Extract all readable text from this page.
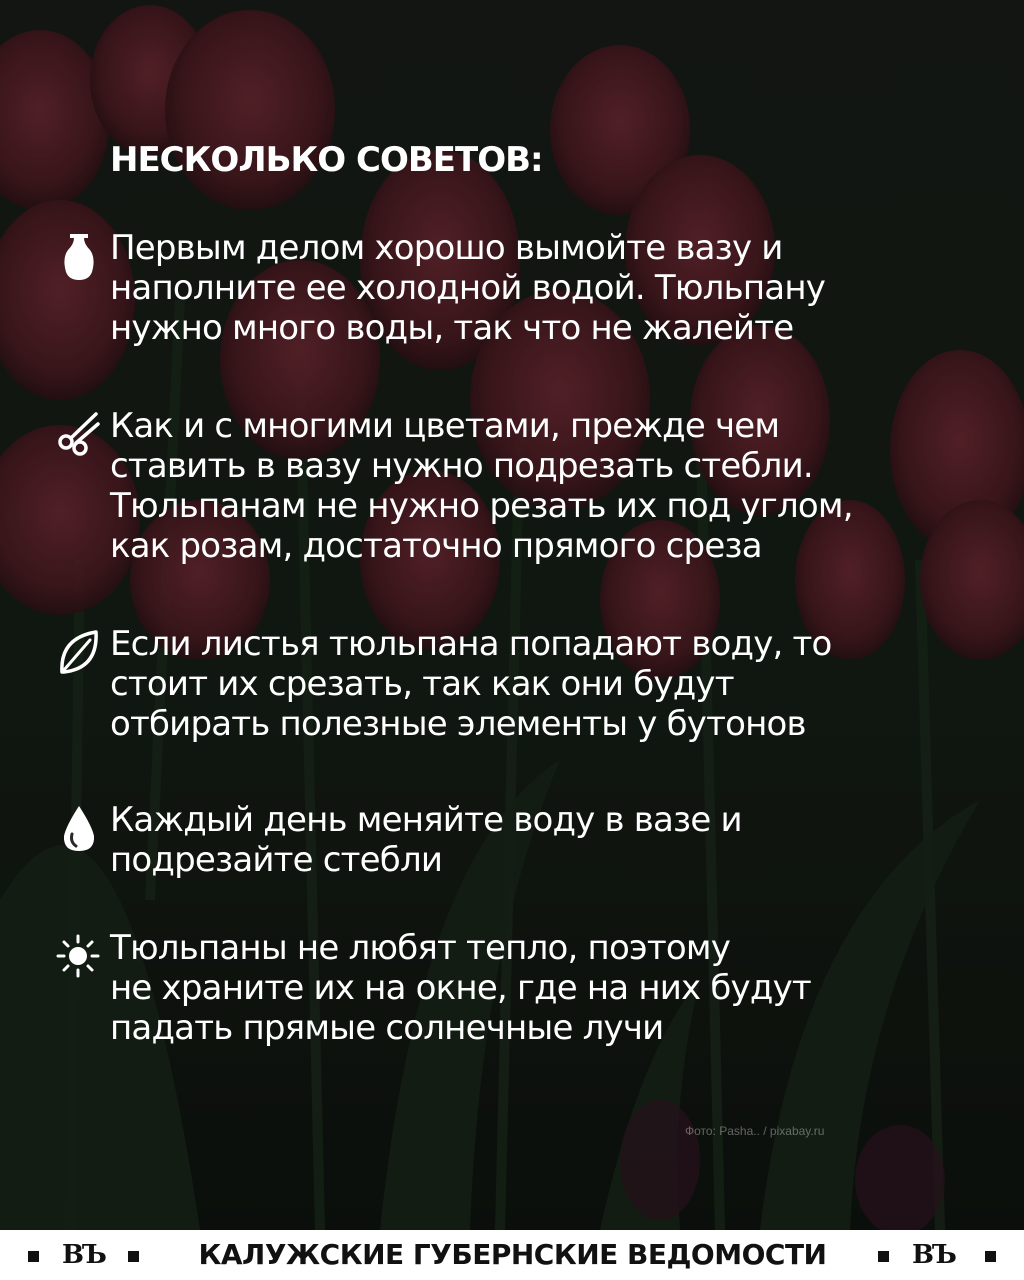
НЕСКОЛЬКО СОВЕТОВ:

Первым делом хорошо вымойте вазу и
наполните ее холодной водой. Тюльпану
нужно много воды, так что не жалейте

Как и с многими цветами, прежде чем
ставить в вазу нужно подрезать стебли.
Тюльпанам не нужно резать их под углом,
как розам, достаточно прямого среза

Если листья тюльпана попадают воду, то
стоит их срезать, так как они будут
отбирать полезные элементы у бутонов

Каждый день меняйте воду в вазе и
подрезайте стебли

Тюльпаны не любят тепло, поэтому
не храните их на окне, где на них будут
падать прямые солнечные лучи

Фото: Pasha.. / pixabay.ru
ВЪ	КАЛУЖСКИЕ ГУБЕРНСКИЕ ВЕДОМОСТИ	ВЪ
